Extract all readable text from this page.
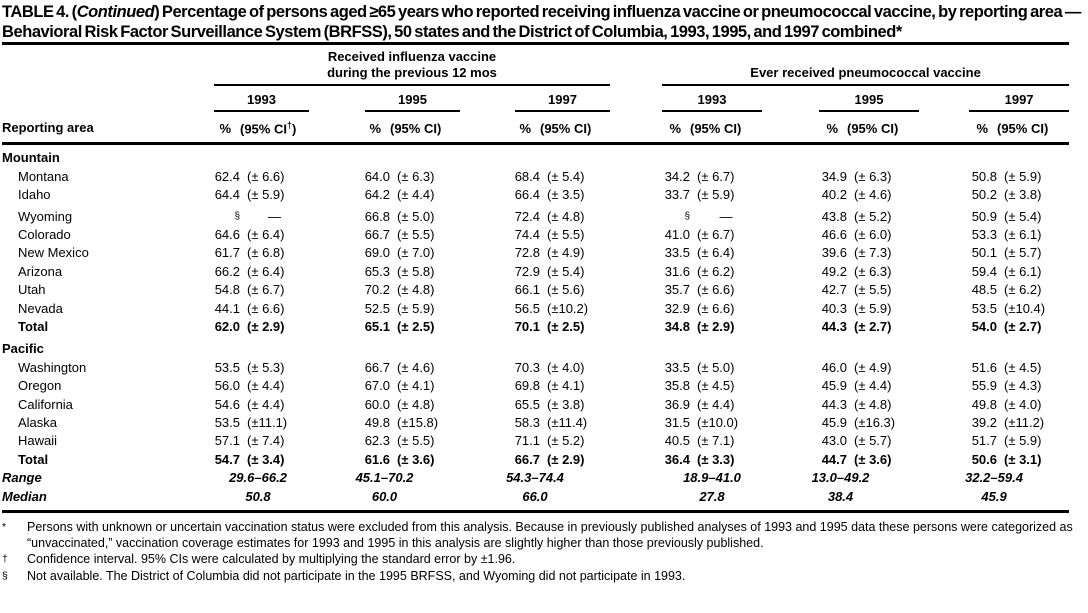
TABLE 4. (Continued) Percentage of persons aged ≥65 years who reported receiving influenza vaccine or pneumococcal vaccine, by reporting area — Behavioral Risk Factor Surveillance System (BRFSS), 50 states and the District of Columbia, 1993, 1995, and 1997 combined*
Reporting area	Received influenza vaccine
during the previous 12 mos							Ever received pneumococcal vaccine					

	1993		1995		1997			1993		1995		1997	

	%	(95% CI†)	%	(95% CI)	%	(95% CI)		%	(95% CI)	%	(95% CI)	%	(95% CI)
Mountain													
Montana	62.4	(± 6.6)	64.0	(± 6.3)	68.4	(± 5.4)		34.2	(± 6.7)	34.9	(± 6.3)	50.8	(± 5.9)
Idaho	64.4	(± 5.9)	64.2	(± 4.4)	66.4	(± 3.5)		33.7	(± 5.9)	40.2	(± 4.6)	50.2	(± 3.8)
Wyoming	§	—	66.8	(± 5.0)	72.4	(± 4.8)		§	—	43.8	(± 5.2)	50.9	(± 5.4)
Colorado	64.6	(± 6.4)	66.7	(± 5.5)	74.4	(± 5.5)		41.0	(± 6.7)	46.6	(± 6.0)	53.3	(± 6.1)
New Mexico	61.7	(± 6.8)	69.0	(± 7.0)	72.8	(± 4.9)		33.5	(± 6.4)	39.6	(± 7.3)	50.1	(± 5.7)
Arizona	66.2	(± 6.4)	65.3	(± 5.8)	72.9	(± 5.4)		31.6	(± 6.2)	49.2	(± 6.3)	59.4	(± 6.1)
Utah	54.8	(± 6.7)	70.2	(± 4.8)	66.1	(± 5.6)		35.7	(± 6.6)	42.7	(± 5.5)	48.5	(± 6.2)
Nevada	44.1	(± 6.6)	52.5	(± 5.9)	56.5	(±10.2)		32.9	(± 6.6)	40.3	(± 5.9)	53.5	(±10.4)
Total	62.0	(± 2.9)	65.1	(± 2.5)	70.1	(± 2.5)		34.8	(± 2.9)	44.3	(± 2.7)	54.0	(± 2.7)
Pacific													
Washington	53.5	(± 5.3)	66.7	(± 4.6)	70.3	(± 4.0)		33.5	(± 5.0)	46.0	(± 4.9)	51.6	(± 4.5)
Oregon	56.0	(± 4.4)	67.0	(± 4.1)	69.8	(± 4.1)		35.8	(± 4.5)	45.9	(± 4.4)	55.9	(± 4.3)
California	54.6	(± 4.4)	60.0	(± 4.8)	65.5	(± 3.8)		36.9	(± 4.4)	44.3	(± 4.8)	49.8	(± 4.0)
Alaska	53.5	(±11.1)	49.8	(±15.8)	58.3	(±11.4)		31.5	(±10.0)	45.9	(±16.3)	39.2	(±11.2)
Hawaii	57.1	(± 7.4)	62.3	(± 5.5)	71.1	(± 5.2)		40.5	(± 7.1)	43.0	(± 5.7)	51.7	(± 5.9)
Total	54.7	(± 3.4)	61.6	(± 3.6)	66.7	(± 2.9)		36.4	(± 3.3)	44.7	(± 3.6)	50.6	(± 3.1)
Range	29.6–66.2		45.1–70.2		54.3–74.4			18.9–41.0		13.0–49.2		32.2–59.4	
Median	50.8		60.0		66.0			27.8		38.4		45.9	
* Persons with unknown or uncertain vaccination status were excluded from this analysis. Because in previously published analyses of 1993 and 1995 data these persons were categorized as “unvaccinated,” vaccination coverage estimates for 1993 and 1995 in this analysis are slightly higher than those previously published.
† Confidence interval. 95% CIs were calculated by multiplying the standard error by ±1.96.
§ Not available. The District of Columbia did not participate in the 1995 BRFSS, and Wyoming did not participate in 1993.
